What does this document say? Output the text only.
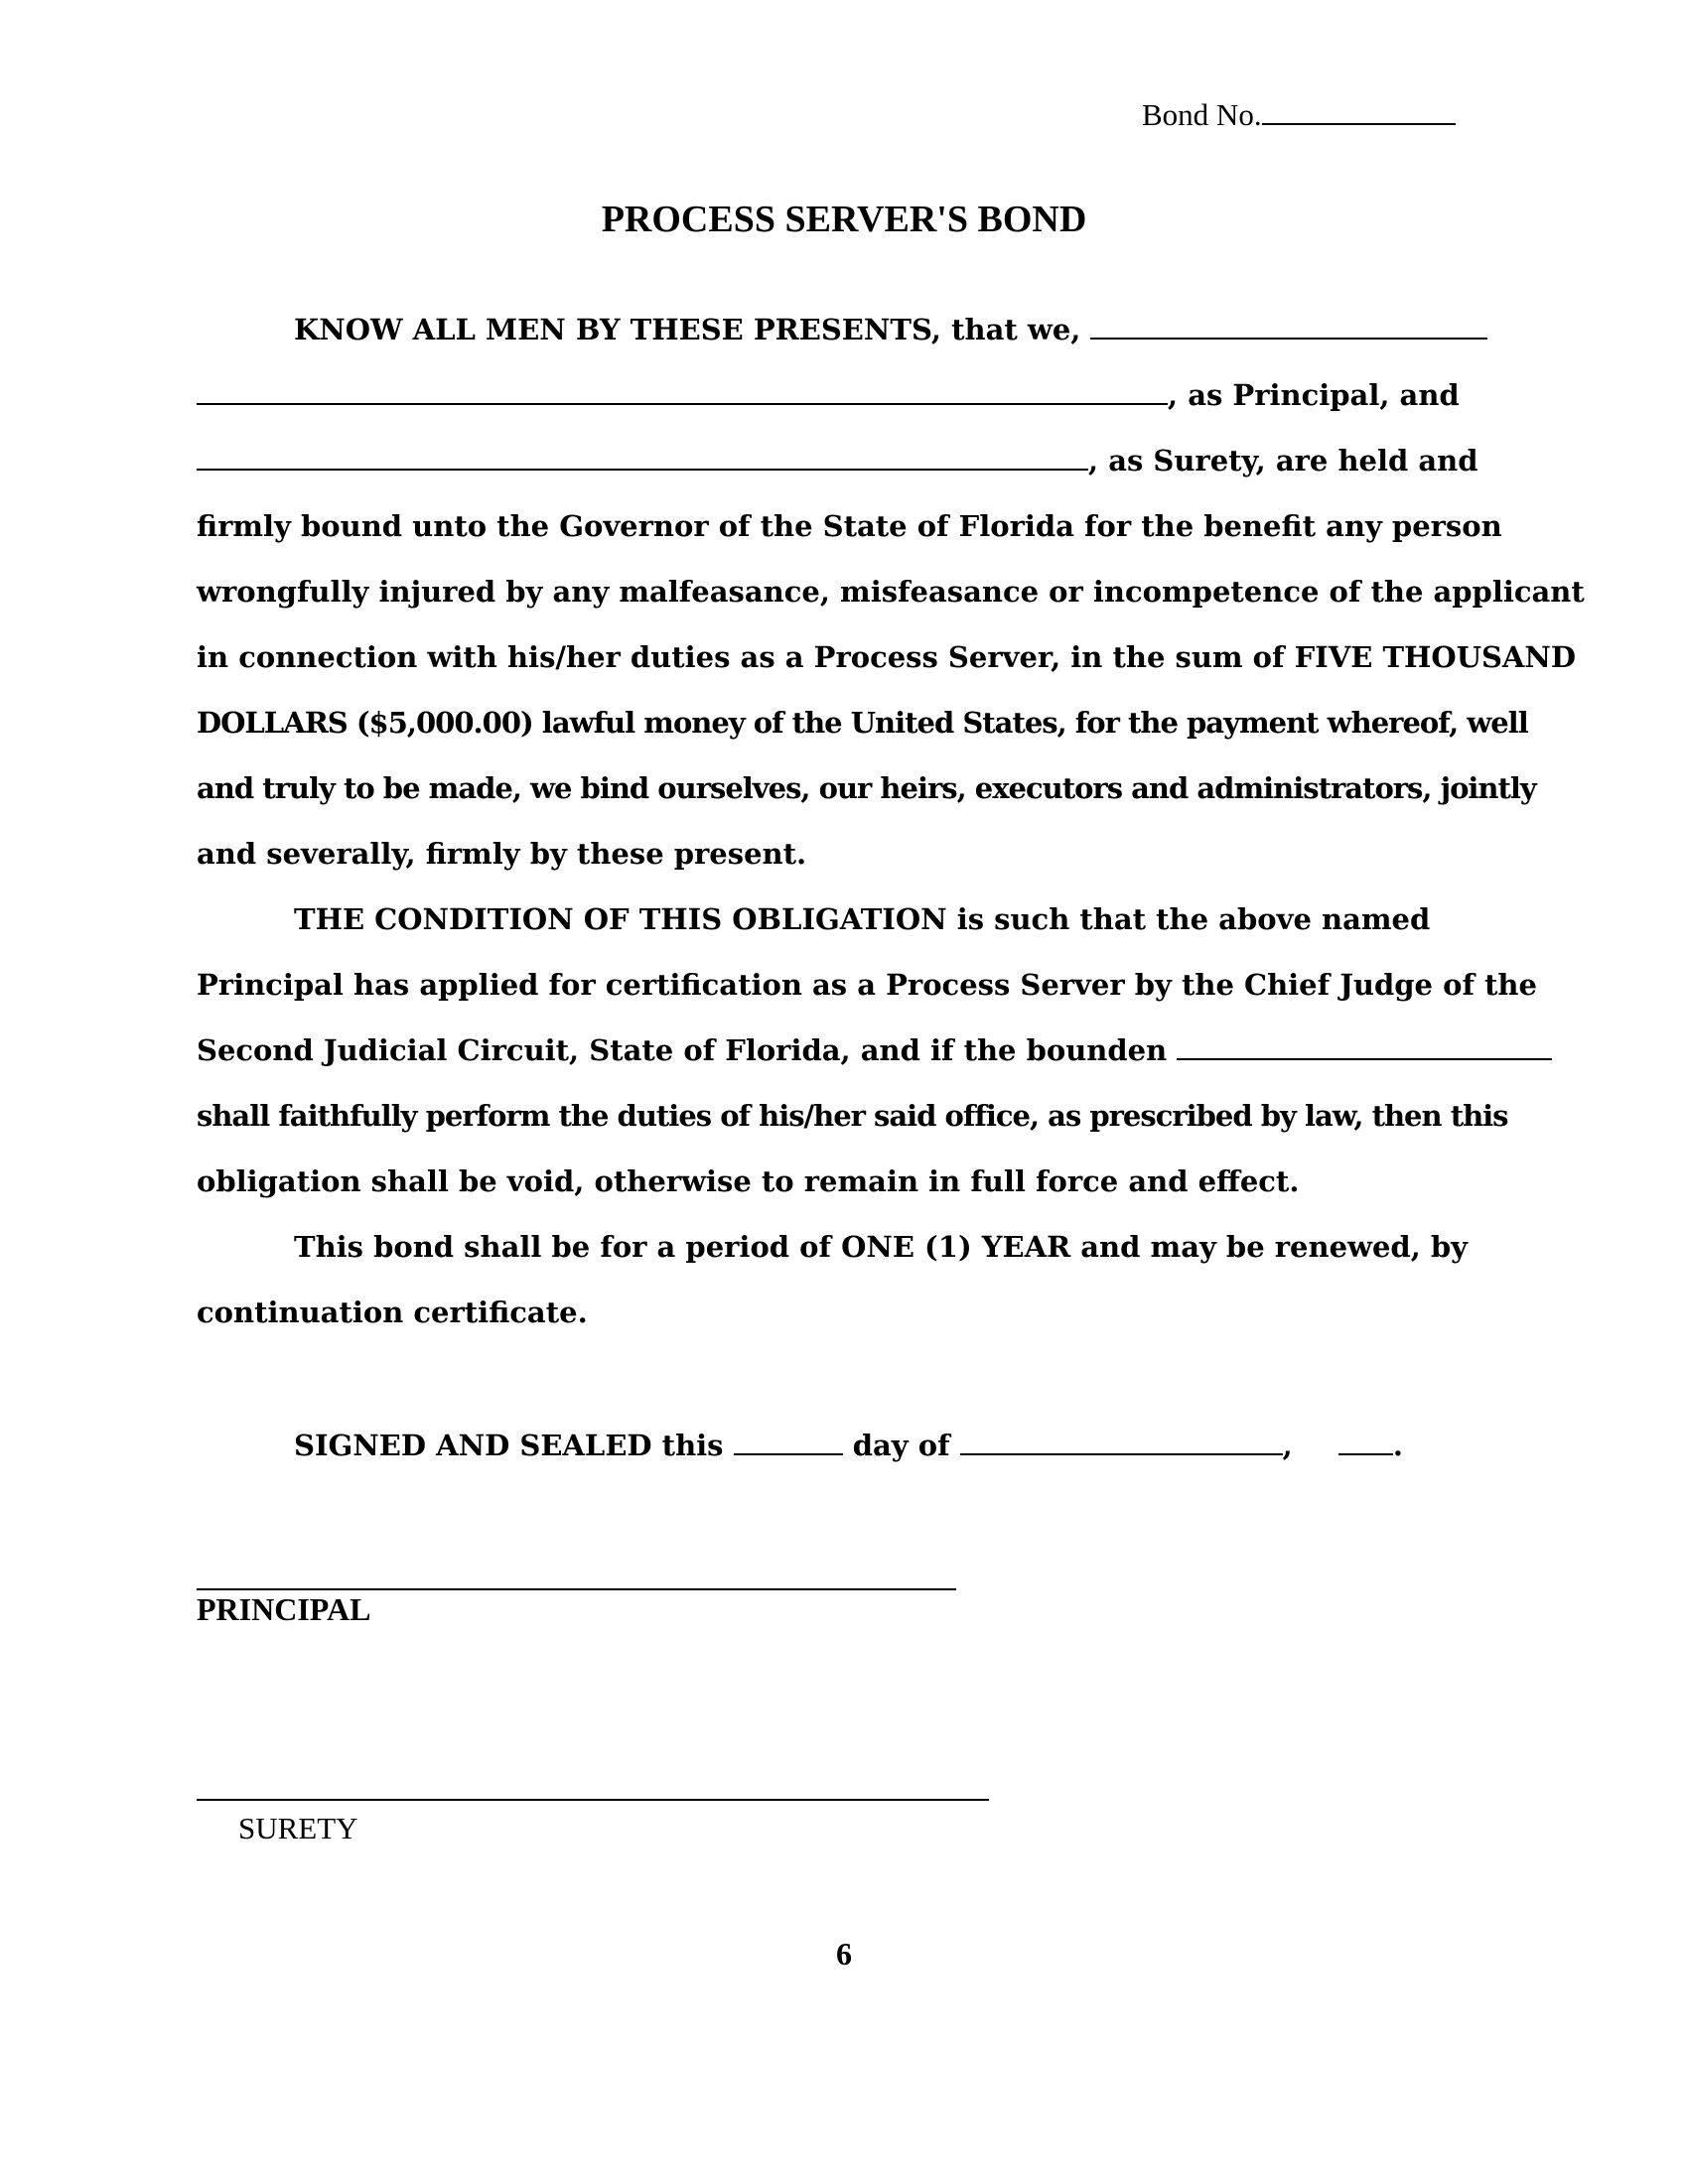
Bond No.
PROCESS SERVER'S BOND
KNOW ALL MEN BY THESE PRESENTS, that we,
, as Principal, and
, as Surety, are held and
firmly bound unto the Governor of the State of Florida for the benefit any person
wrongfully injured by any malfeasance, misfeasance or incompetence of the applicant
in connection with his/her duties as a Process Server, in the sum of FIVE THOUSAND
DOLLARS ($5,000.00) lawful money of the United States, for the payment whereof, well
and truly to be made, we bind ourselves, our heirs, executors and administrators, jointly
and severally, firmly by these present.
THE CONDITION OF THIS OBLIGATION is such that the above named
Principal has applied for certification as a Process Server by the Chief Judge of the
Second Judicial Circuit, State of Florida, and if the bounden
shall faithfully perform the duties of his/her said office, as prescribed by law, then this
obligation shall be void, otherwise to remain in full force and effect.
This bond shall be for a period of ONE (1) YEAR and may be renewed, by
continuation certificate.
SIGNED AND SEALED this	day of	,	.
PRINCIPAL
SURETY
6
